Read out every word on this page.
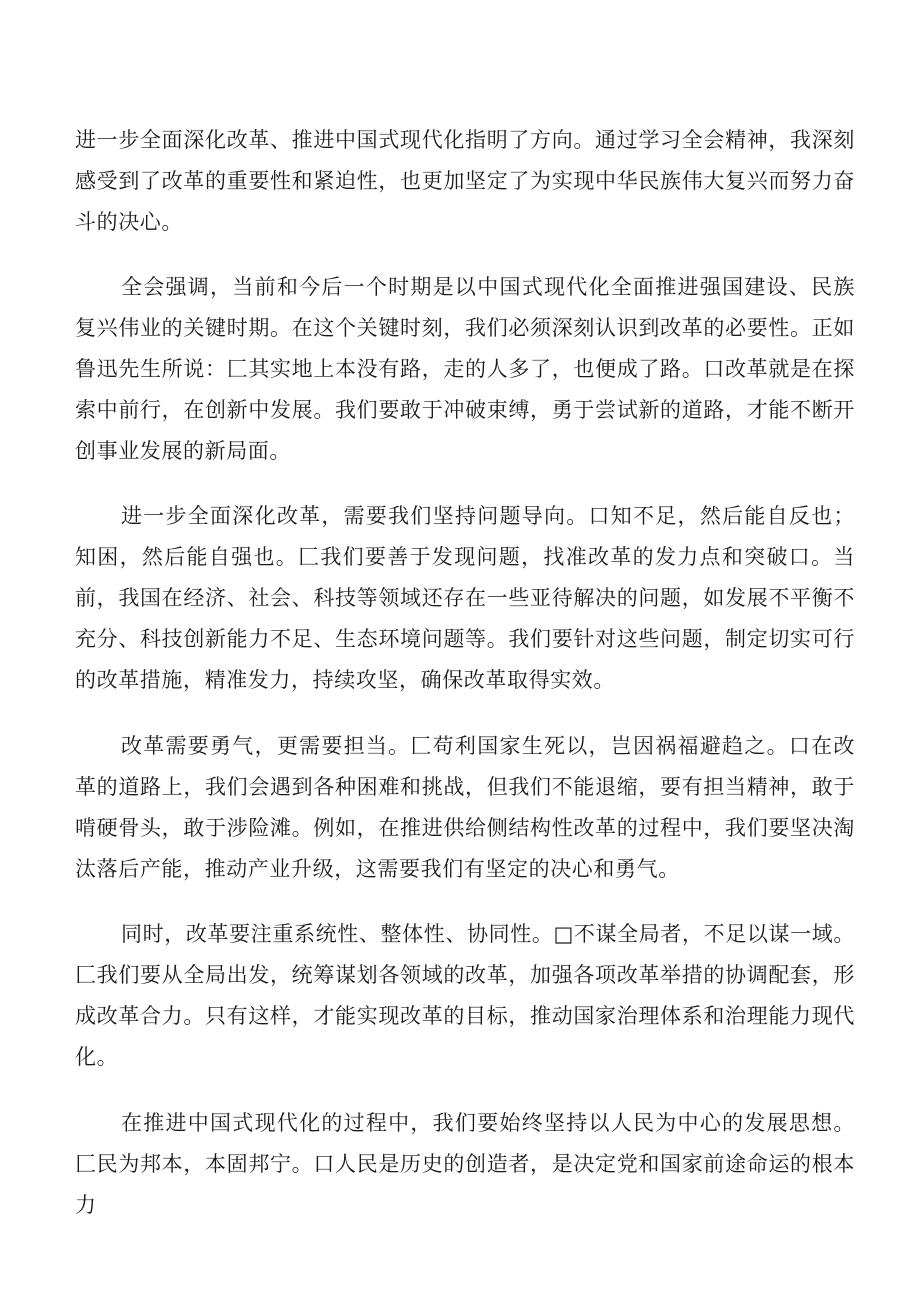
进一步全面深化改革、推进中国式现代化指明了方向。通过学习全会精神，我深刻感受到了改革的重要性和紧迫性，也更加坚定了为实现中华民族伟大复兴而努力奋斗的决心。

全会强调，当前和今后一个时期是以中国式现代化全面推进强国建设、民族复兴伟业的关键时期。在这个关键时刻，我们必须深刻认识到改革的必要性。正如鲁迅先生所说：匚其实地上本没有路，走的人多了，也便成了路。口改革就是在探索中前行，在创新中发展。我们要敢于冲破束缚，勇于尝试新的道路，才能不断开创事业发展的新局面。

进一步全面深化改革，需要我们坚持问题导向。口知不足，然后能自反也；知困，然后能自强也。匚我们要善于发现问题，找准改革的发力点和突破口。当前，我国在经济、社会、科技等领域还存在一些亚待解决的问题，如发展不平衡不充分、科技创新能力不足、生态环境问题等。我们要针对这些问题，制定切实可行的改革措施，精准发力，持续攻坚，确保改革取得实效。

改革需要勇气，更需要担当。匚苟利国家生死以，岂因祸福避趋之。口在改革的道路上，我们会遇到各种困难和挑战，但我们不能退缩，要有担当精神，敢于啃硬骨头，敢于涉险滩。例如，在推进供给侧结构性改革的过程中，我们要坚决淘汰落后产能，推动产业升级，这需要我们有坚定的决心和勇气。

同时，改革要注重系统性、整体性、协同性。□不谋全局者，不足以谋一域。匚我们要从全局出发，统筹谋划各领域的改革，加强各项改革举措的协调配套，形成改革合力。只有这样，才能实现改革的目标，推动国家治理体系和治理能力现代化。

在推进中国式现代化的过程中，我们要始终坚持以人民为中心的发展思想。匚民为邦本，本固邦宁。口人民是历史的创造者，是决定党和国家前途命运的根本力
